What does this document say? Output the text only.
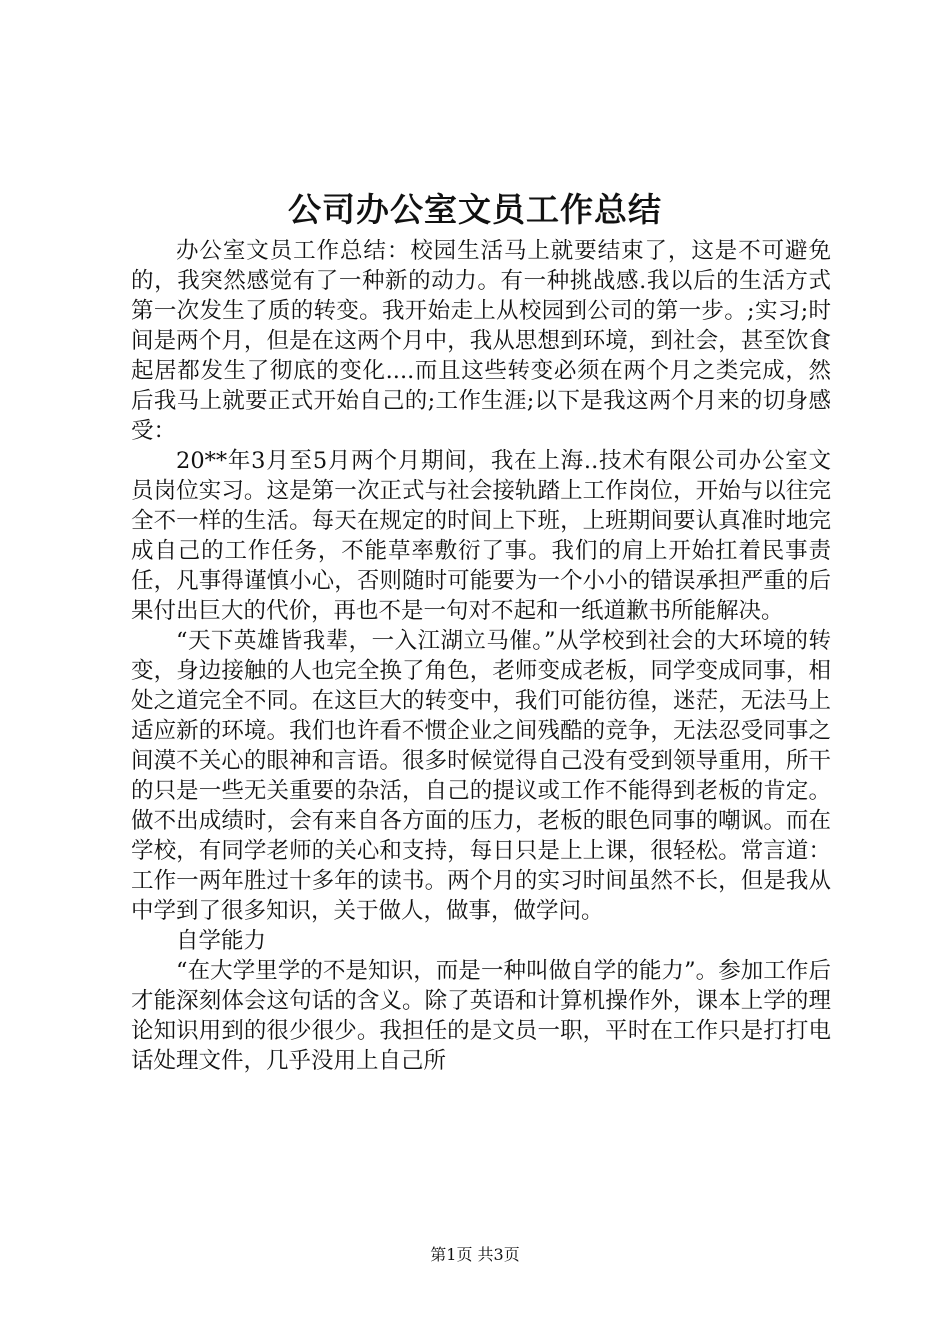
公司办公室文员工作总结

办公室文员工作总结：校园生活马上就要结束了，这是不可避免的，我突然感觉有了一种新的动力。有一种挑战感.我以后的生活方式第一次发生了质的转变。我开始走上从校园到公司的第一步。;实习;时间是两个月，但是在这两个月中，我从思想到环境，到社会，甚至饮食起居都发生了彻底的变化....而且这些转变必须在两个月之类完成，然后我马上就要正式开始自己的;工作生涯;以下是我这两个月来的切身感受：

20**年3月至5月两个月期间，我在上海..技术有限公司办公室文员岗位实习。这是第一次正式与社会接轨踏上工作岗位，开始与以往完全不一样的生活。每天在规定的时间上下班，上班期间要认真准时地完成自己的工作任务，不能草率敷衍了事。我们的肩上开始扛着民事责任，凡事得谨慎小心，否则随时可能要为一个小小的错误承担严重的后果付出巨大的代价，再也不是一句对不起和一纸道歉书所能解决。

“天下英雄皆我辈，一入江湖立马催。”从学校到社会的大环境的转变，身边接触的人也完全换了角色，老师变成老板，同学变成同事，相处之道完全不同。在这巨大的转变中，我们可能彷徨，迷茫，无法马上适应新的环境。我们也许看不惯企业之间残酷的竞争，无法忍受同事之间漠不关心的眼神和言语。很多时候觉得自己没有受到领导重用，所干的只是一些无关重要的杂活，自己的提议或工作不能得到老板的肯定。做不出成绩时，会有来自各方面的压力，老板的眼色同事的嘲讽。而在学校，有同学老师的关心和支持，每日只是上上课，很轻松。常言道：工作一两年胜过十多年的读书。两个月的实习时间虽然不长，但是我从中学到了很多知识，关于做人，做事，做学问。

自学能力

“在大学里学的不是知识，而是一种叫做自学的能力”。参加工作后才能深刻体会这句话的含义。除了英语和计算机操作外，课本上学的理论知识用到的很少很少。我担任的是文员一职，平时在工作只是打打电话处理文件，几乎没用上自己所

第1页 共3页
